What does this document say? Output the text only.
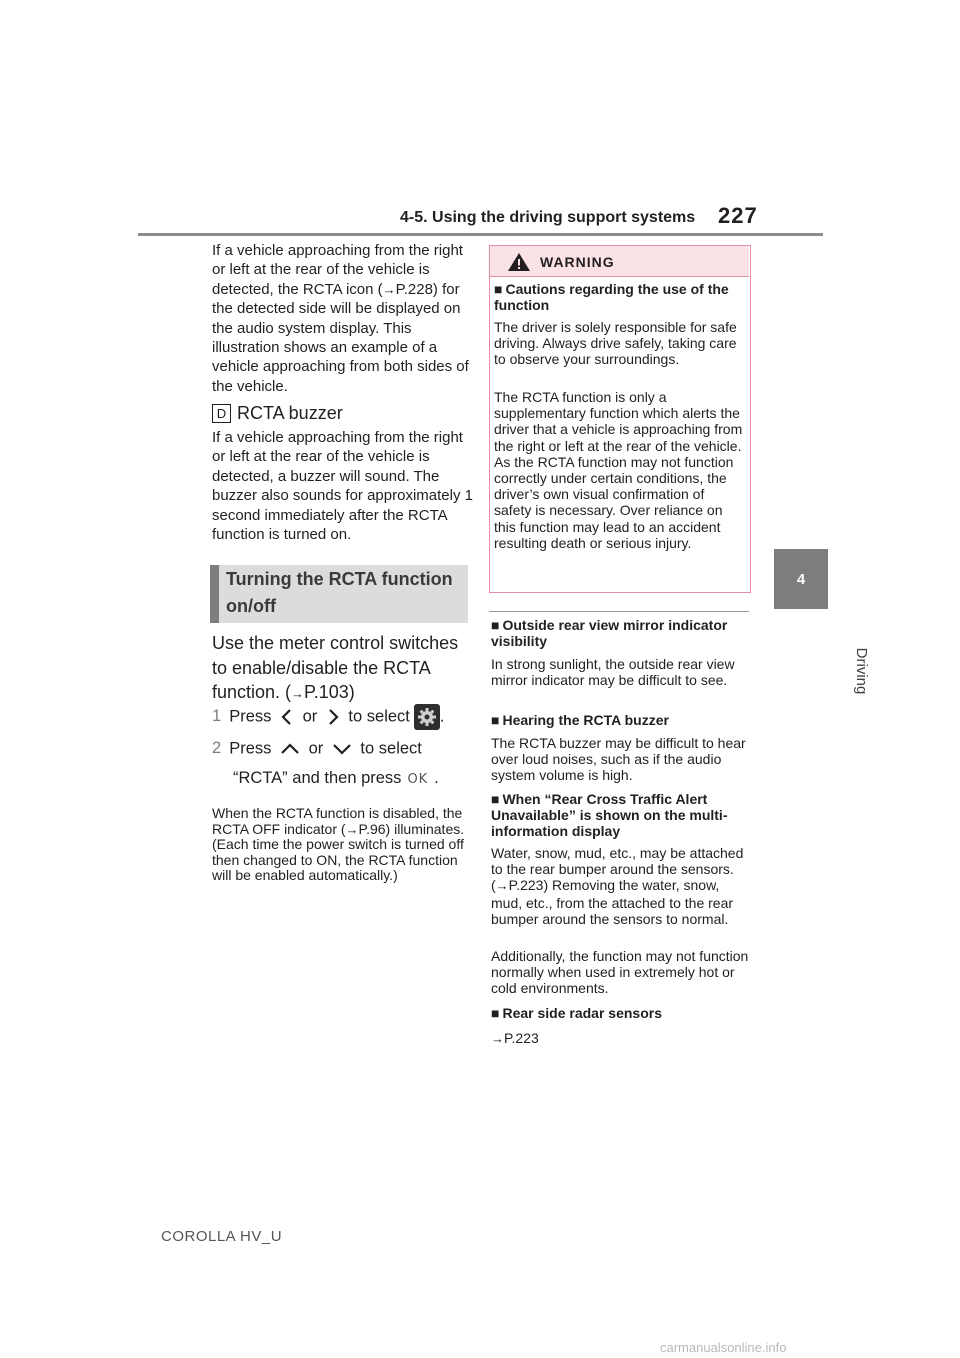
4-5. Using the driving support systems 227
4
Driving

If a vehicle approaching from the right or left at the rear of the vehicle is detected, the RCTA icon (→P.228) for the detected side will be displayed on the audio system display. This illustration shows an example of a vehicle approaching from both sides of the vehicle.

D RCTA buzzer

If a vehicle approaching from the right or left at the rear of the vehicle is detected, a buzzer will sound. The buzzer also sounds for approximately 1 second immediately after the RCTA function is turned on.

Turning the RCTA function on/off

Use the meter control switches to enable/disable the RCTA function. (→P.103)

1 Press or to select .
2 Press or to select
“RCTA” and then press OK .

When the RCTA function is disabled, the RCTA OFF indicator (→P.96) illuminates. (Each time the power switch is turned off then changed to ON, the RCTA function will be enabled automatically.)

WARNING

■ Cautions regarding the use of the function

The driver is solely responsible for safe driving. Always drive safely, taking care to observe your surroundings.

The RCTA function is only a supplementary function which alerts the driver that a vehicle is approaching from the right or left at the rear of the vehicle. As the RCTA function may not function correctly under certain conditions, the driver’s own visual confirmation of safety is necessary. Over reliance on this function may lead to an accident resulting death or serious injury.

■ Outside rear view mirror indicator visibility

In strong sunlight, the outside rear view mirror indicator may be difficult to see.

■ Hearing the RCTA buzzer

The RCTA buzzer may be difficult to hear over loud noises, such as if the audio system volume is high.

■ When “Rear Cross Traffic Alert Unavailable” is shown on the multi-information display

Water, snow, mud, etc., may be attached to the rear bumper around the sensors. (→P.223) Removing the water, snow, mud, etc., from the attached to the rear bumper around the sensors to normal.

Additionally, the function may not function normally when used in extremely hot or cold environments.

■ Rear side radar sensors

→P.223

COROLLA HV_U
carmanualsonline.info
